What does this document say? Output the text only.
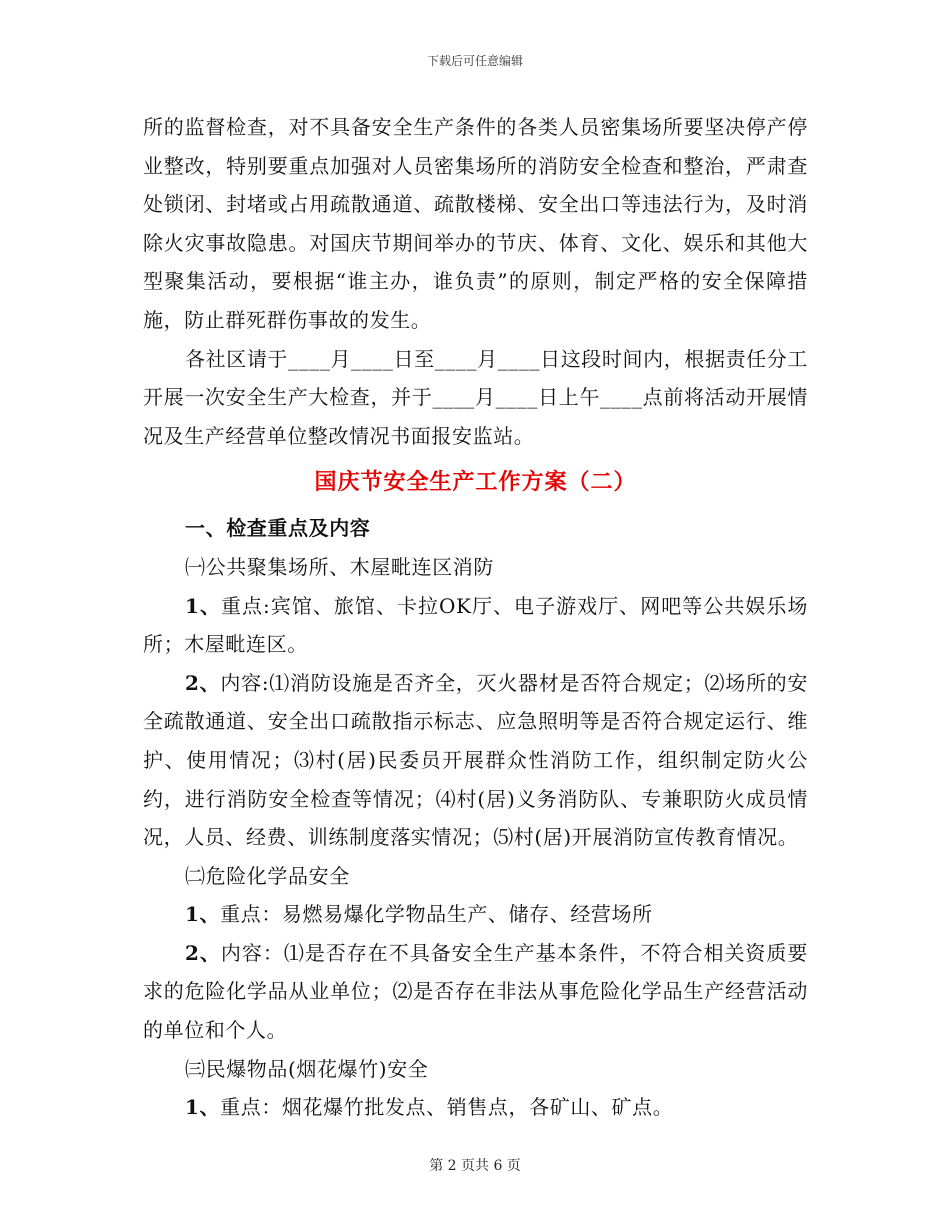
下载后可任意编辑

所的监督检查，对不具备安全生产条件的各类人员密集场所要坚决停产停业整改，特别要重点加强对人员密集场所的消防安全检查和整治，严肃查处锁闭、封堵或占用疏散通道、疏散楼梯、安全出口等违法行为，及时消除火灾事故隐患。对国庆节期间举办的节庆、体育、文化、娱乐和其他大型聚集活动，要根据“谁主办，谁负责”的原则，制定严格的安全保障措施，防止群死群伤事故的发生。

各社区请于____月____日至____月____日这段时间内，根据责任分工开展一次安全生产大检查，并于____月____日上午____点前将活动开展情况及生产经营单位整改情况书面报安监站。

国庆节安全生产工作方案（二）

一、检查重点及内容

㈠公共聚集场所、木屋毗连区消防

1、重点:宾馆、旅馆、卡拉OK厅、电子游戏厅、网吧等公共娱乐场所；木屋毗连区。

2、内容:⑴消防设施是否齐全，灭火器材是否符合规定；⑵场所的安全疏散通道、安全出口疏散指示标志、应急照明等是否符合规定运行、维护、使用情况；⑶村(居)民委员开展群众性消防工作，组织制定防火公约，进行消防安全检查等情况；⑷村(居)义务消防队、专兼职防火成员情况，人员、经费、训练制度落实情况；⑸村(居)开展消防宣传教育情况。

㈡危险化学品安全

1、重点：易燃易爆化学物品生产、储存、经营场所

2、内容：⑴是否存在不具备安全生产基本条件，不符合相关资质要求的危险化学品从业单位；⑵是否存在非法从事危险化学品生产经营活动的单位和个人。

㈢民爆物品(烟花爆竹)安全

1、重点：烟花爆竹批发点、销售点，各矿山、矿点。

第 2 页共 6 页
